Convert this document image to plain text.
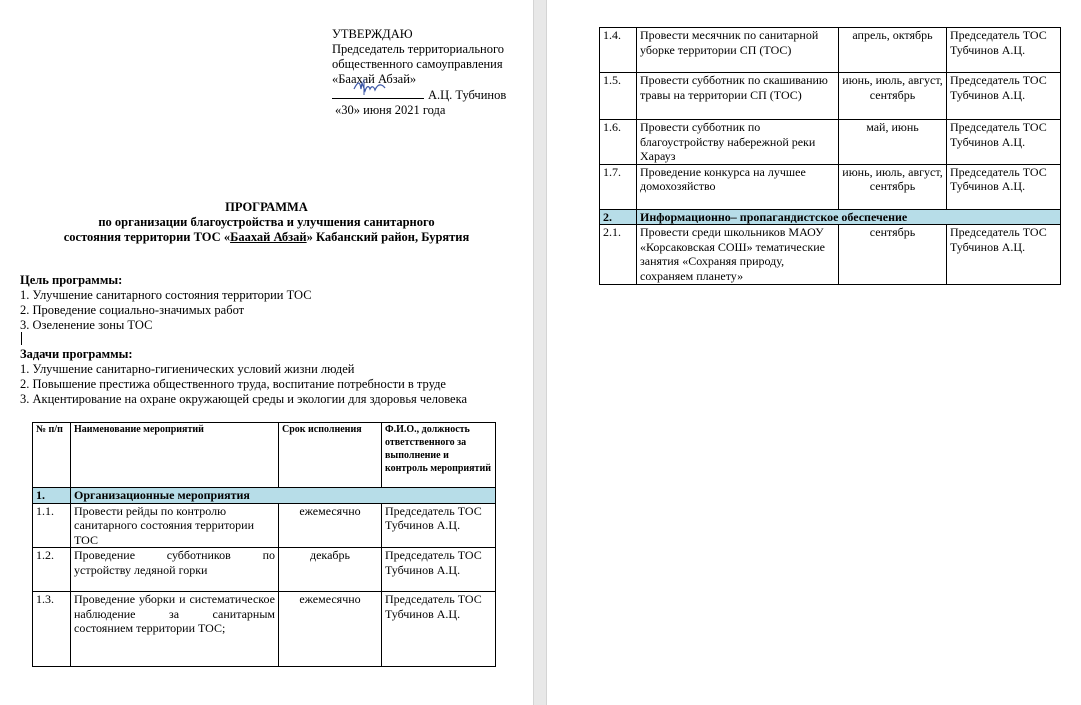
УТВЕРЖДАЮ
Председатель территориального
общественного самоуправления
«Баахай Абзай»
А.Ц. Тубчинов
«30» июня 2021 года
ПРОГРАММА
по организации благоустройства и улучшения санитарного
состояния территории ТОС «Баахай Абзай» Кабанский район, Бурятия
Цель программы:
1. Улучшение санитарного состояния территории ТОС
2. Проведение социально-значимых работ
3. Озеленение зоны ТОС
Задачи программы:
1. Улучшение санитарно-гигиенических условий жизни людей
2. Повышение престижа общественного труда, воспитание потребности в труде
3. Акцентирование на охране окружающей среды и экологии для здоровья человека
№ п/п	Наименование мероприятий	Срок исполнения	Ф.И.О., должность ответственного за выполнение и контроль мероприятий
1.	Организационные мероприятия		
1.1.	Провести рейды по контролю санитарного состояния территории ТОС	ежемесячно	Председатель ТОС Тубчинов А.Ц.
1.2.	Проведение субботников по устройству ледяной горки	декабрь	Председатель ТОС Тубчинов А.Ц.
1.3.	Проведение уборки и систематическое наблюдение за санитарным состоянием территории ТОС;	ежемесячно	Председатель ТОС Тубчинов А.Ц.
1.4.	Провести месячник по санитарной уборке территории СП (ТОС)	апрель, октябрь	Председатель ТОС Тубчинов А.Ц.
1.5.	Провести субботник по скашиванию травы на территории СП (ТОС)	июнь, июль, август, сентябрь	Председатель ТОС Тубчинов А.Ц.
1.6.	Провести субботник по благоустройству набережной реки Харауз	май, июнь	Председатель ТОС Тубчинов А.Ц.
1.7.	Проведение конкурса на лучшее домохозяйство	июнь, июль, август, сентябрь	Председатель ТОС Тубчинов А.Ц.
2.	Информационно– пропагандистское обеспечение		
2.1.	Провести среди школьников МАОУ «Корсаковская СОШ» тематические занятия «Сохраняя природу, сохраняем планету»	сентябрь	Председатель ТОС Тубчинов А.Ц.
